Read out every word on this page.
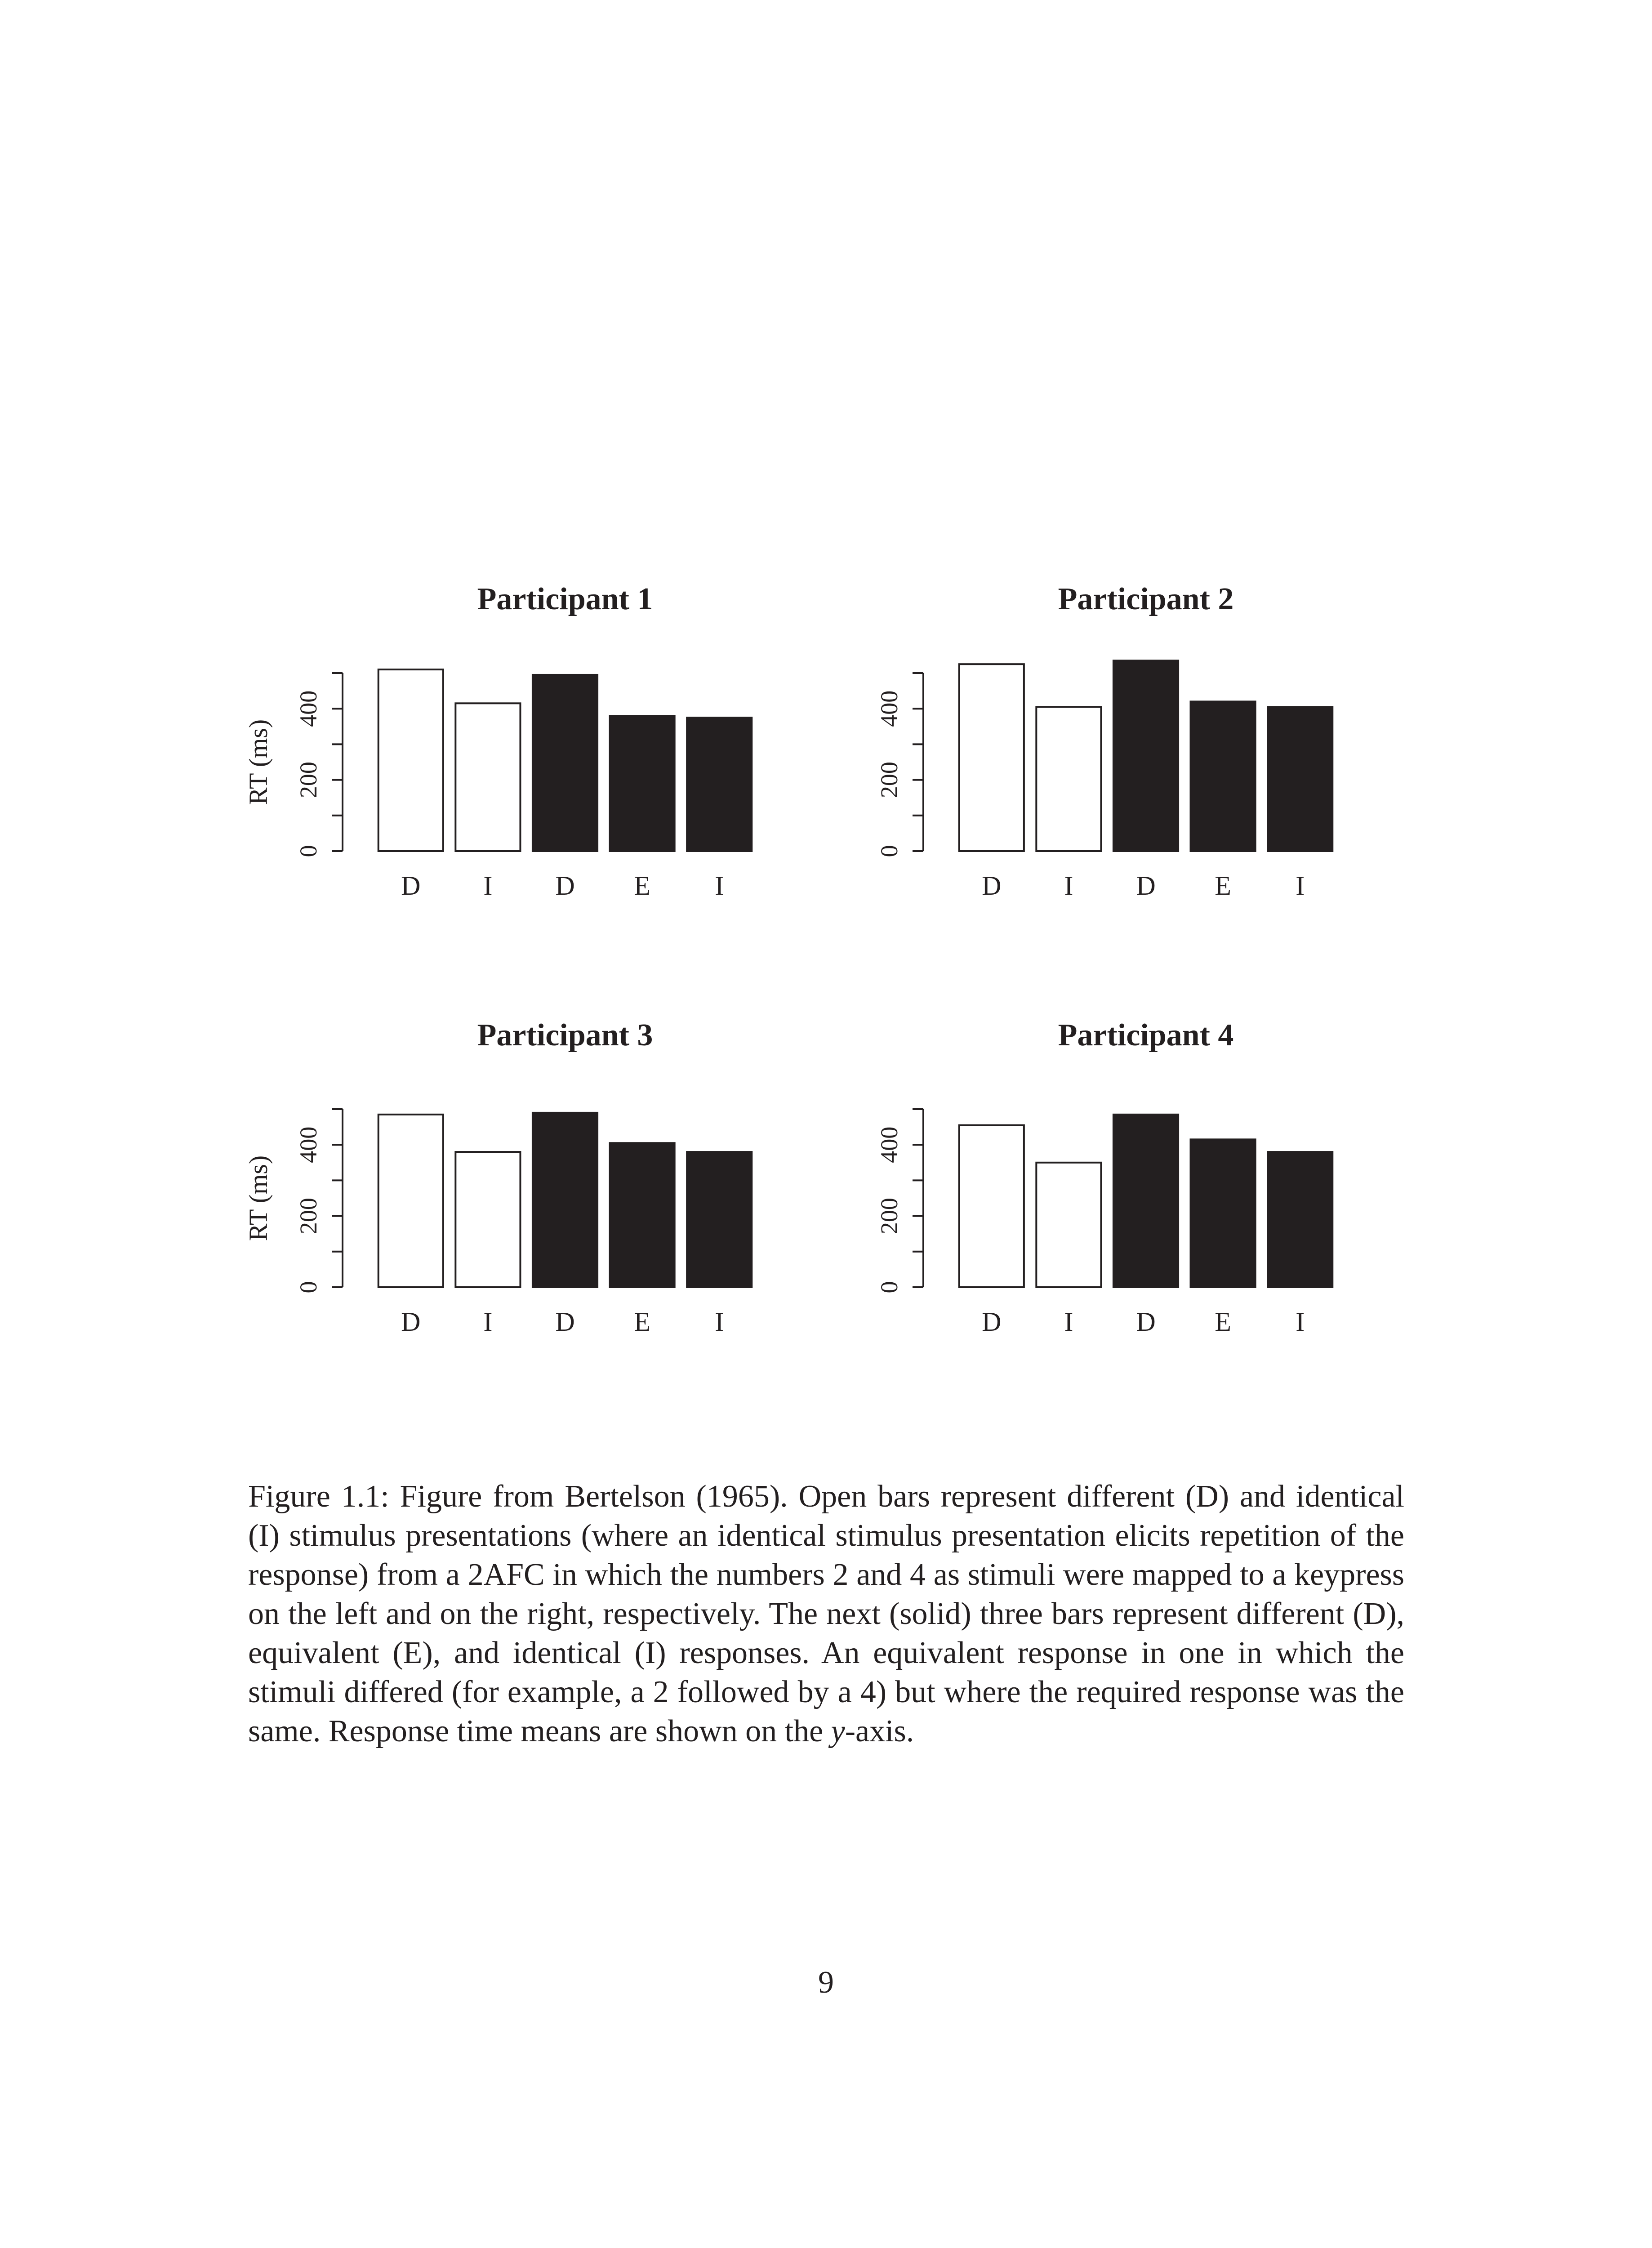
Participant 1
0
200
400
RT (ms)
D I D E I
Participant 2
0
200
400
D I D E I
Participant 3
0
200
400
RT (ms)
D I D E I
Participant 4
0
200
400
D I D E I

Figure 1.1: Figure from Bertelson (1965). Open bars represent different (D) and identical (I) stimulus presentations (where an identical stimulus presentation elicits repetition of the response) from a 2AFC in which the numbers 2 and 4 as stimuli were mapped to a keypress on the left and on the right, respectively. The next (solid) three bars represent different (D), equivalent (E), and identical (I) responses. An equivalent response in one in which the stimuli differed (for example, a 2 followed by a 4) but where the required response was the same. Response time means are shown on the y-axis.

9
